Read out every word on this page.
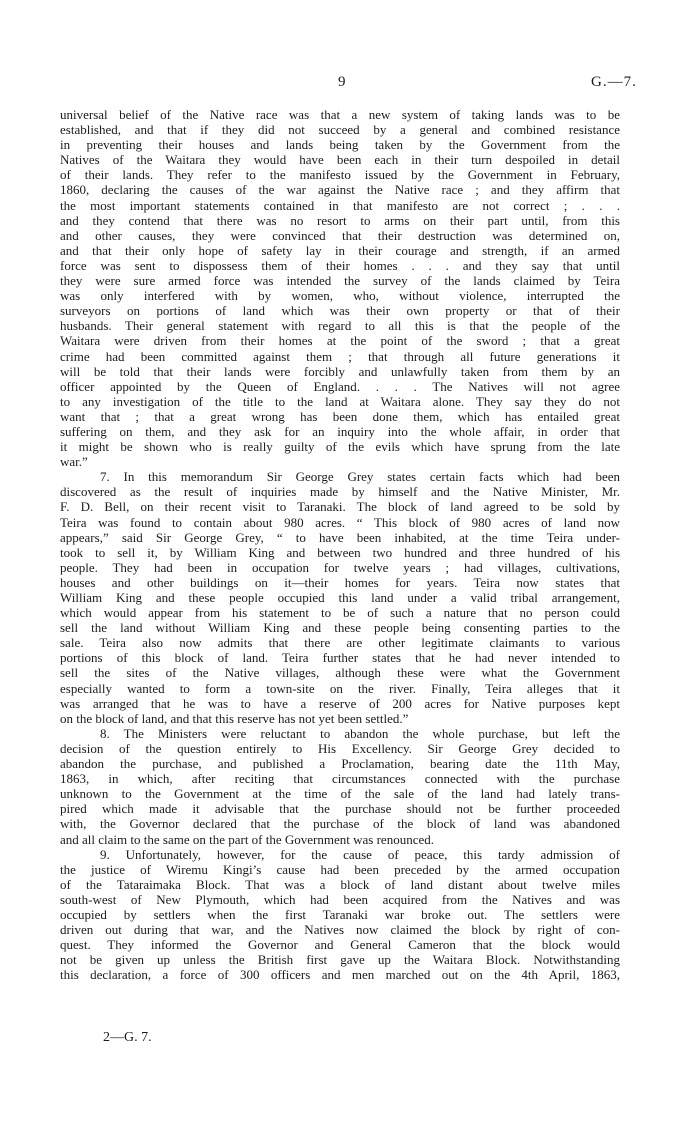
9	G.—7.
universal belief of the Native race was that a new system of taking lands was to be
established, and that if they did not succeed by a general and combined resistance
in preventing their houses and lands being taken by the Government from the
Natives of the Waitara they would have been each in their turn despoiled in detail
of their lands. They refer to the manifesto issued by the Government in February,
1860, declaring the causes of the war against the Native race ; and they affirm that
the most important statements contained in that manifesto are not correct ; . . .
and they contend that there was no resort to arms on their part until, from this
and other causes, they were convinced that their destruction was determined on,
and that their only hope of safety lay in their courage and strength, if an armed
force was sent to dispossess them of their homes . . . and they say that until
they were sure armed force was intended the survey of the lands claimed by Teira
was only interfered with by women, who, without violence, interrupted the
surveyors on portions of land which was their own property or that of their
husbands. Their general statement with regard to all this is that the people of the
Waitara were driven from their homes at the point of the sword ; that a great
crime had been committed against them ; that through all future generations it
will be told that their lands were forcibly and unlawfully taken from them by an
officer appointed by the Queen of England. . . . The Natives will not agree
to any investigation of the title to the land at Waitara alone. They say they do not
want that ; that a great wrong has been done them, which has entailed great
suffering on them, and they ask for an inquiry into the whole affair, in order that
it might be shown who is really guilty of the evils which have sprung from the late
war.”
7. In this memorandum Sir George Grey states certain facts which had been
discovered as the result of inquiries made by himself and the Native Minister, Mr.
F. D. Bell, on their recent visit to Taranaki. The block of land agreed to be sold by
Teira was found to contain about 980 acres. “ This block of 980 acres of land now
appears,” said Sir George Grey, “ to have been inhabited, at the time Teira under-
took to sell it, by William King and between two hundred and three hundred of his
people. They had been in occupation for twelve years ; had villages, cultivations,
houses and other buildings on it—their homes for years. Teira now states that
William King and these people occupied this land under a valid tribal arrangement,
which would appear from his statement to be of such a nature that no person could
sell the land without William King and these people being consenting parties to the
sale. Teira also now admits that there are other legitimate claimants to various
portions of this block of land. Teira further states that he had never intended to
sell the sites of the Native villages, although these were what the Government
especially wanted to form a town-site on the river. Finally, Teira alleges that it
was arranged that he was to have a reserve of 200 acres for Native purposes kept
on the block of land, and that this reserve has not yet been settled.”
8. The Ministers were reluctant to abandon the whole purchase, but left the
decision of the question entirely to His Excellency. Sir George Grey decided to
abandon the purchase, and published a Proclamation, bearing date the 11th May,
1863, in which, after reciting that circumstances connected with the purchase
unknown to the Government at the time of the sale of the land had lately trans-
pired which made it advisable that the purchase should not be further proceeded
with, the Governor declared that the purchase of the block of land was abandoned
and all claim to the same on the part of the Government was renounced.
9. Unfortunately, however, for the cause of peace, this tardy admission of
the justice of Wiremu Kingi’s cause had been preceded by the armed occupation
of the Tataraimaka Block. That was a block of land distant about twelve miles
south-west of New Plymouth, which had been acquired from the Natives and was
occupied by settlers when the first Taranaki war broke out. The settlers were
driven out during that war, and the Natives now claimed the block by right of con-
quest. They informed the Governor and General Cameron that the block would
not be given up unless the British first gave up the Waitara Block. Notwithstanding
this declaration, a force of 300 officers and men marched out on the 4th April, 1863,
2—G. 7.
